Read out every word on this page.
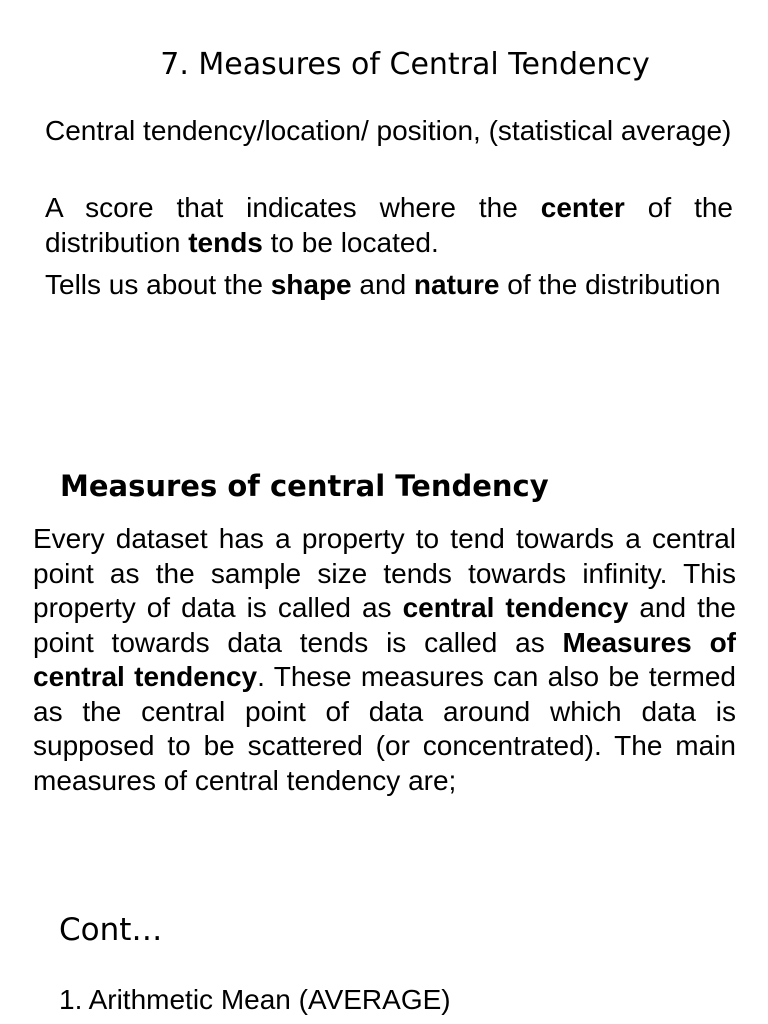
7. Measures of Central Tendency

Central tendency/location/ position, (statistical average)

A score that indicates where the center of the distribution tends to be located.

Tells us about the shape and nature of the distribution

Measures of central Tendency

Every dataset has a property to tend towards a central point as the sample size tends towards infinity. This property of data is called as central tendency and the point towards data tends is called as Measures of central tendency. These measures can also be termed as the central point of data around which data is supposed to be scattered (or concentrated). The main measures of central tendency are;

Cont…
1. Arithmetic Mean (AVERAGE)
